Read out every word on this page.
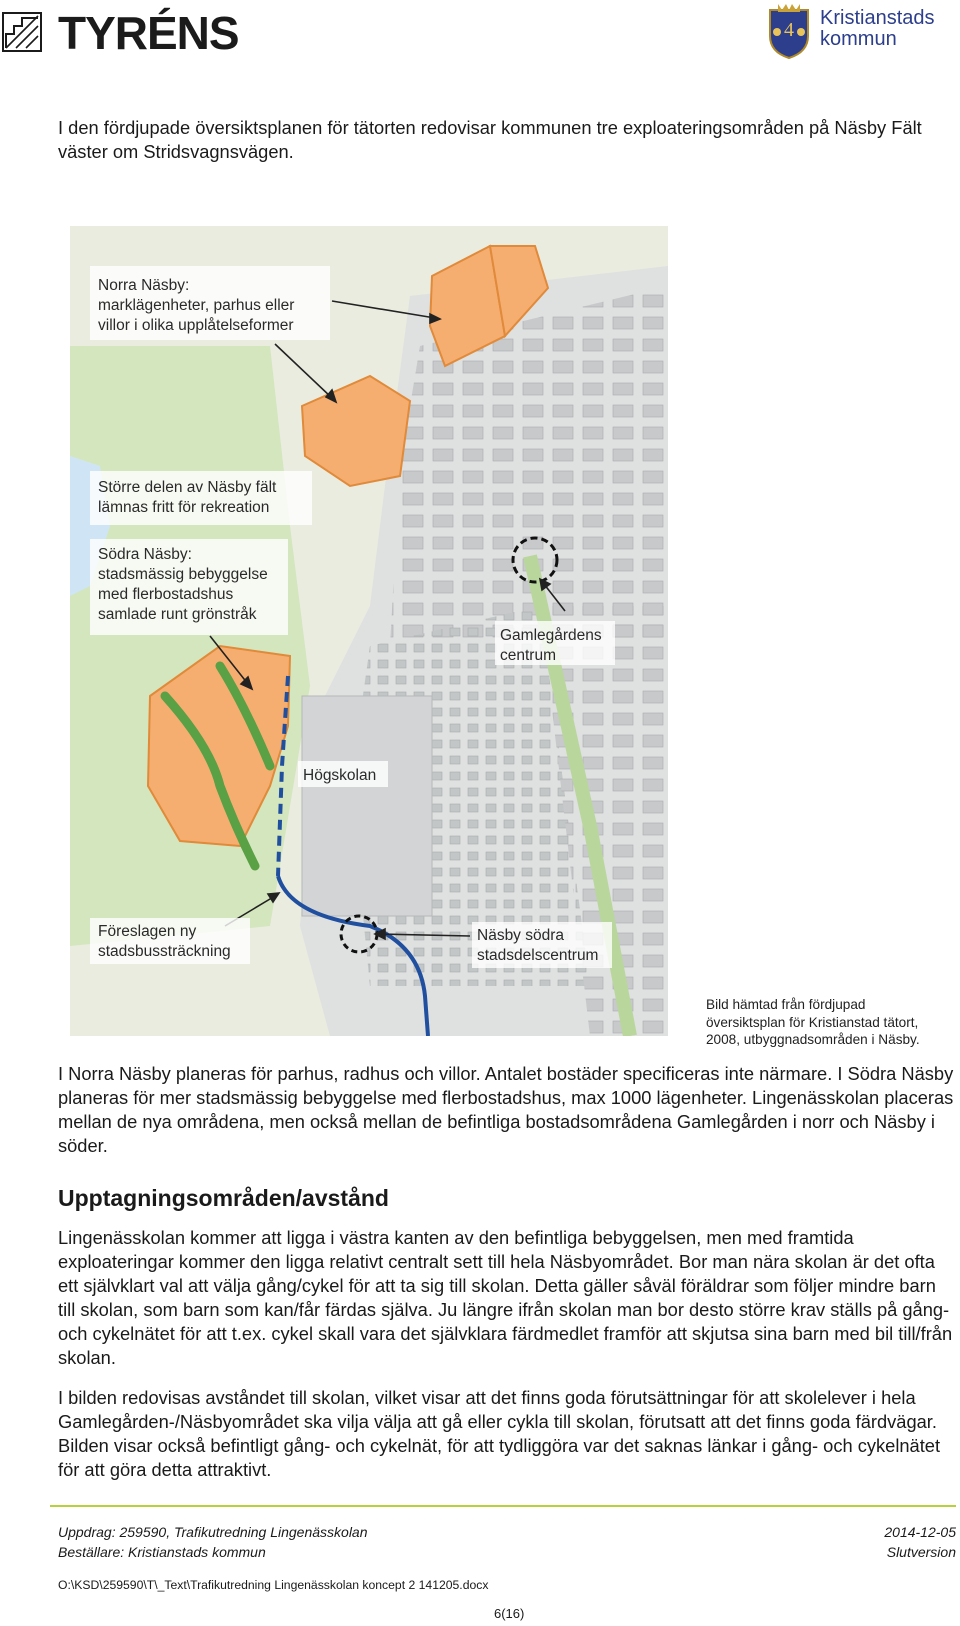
TYRÉNS	4
Kristianstads
kommun

I den fördjupade översiktsplanen för tätorten redovisar kommunen tre exploateringsområden på Näsby Fält väster om Stridsvagnsvägen.

Norra Näsby:
marklägenheter, parhus eller
villor i olika upplåtelseformer
Större delen av Näsby fält
lämnas fritt för rekreation
Södra Näsby:
stadsmässig bebyggelse
med flerbostadshus
samlade runt grönstråk
Gamlegårdens
centrum
Högskolan
Föreslagen ny
stadsbussträckning
Näsby södra
stadsdelscentrum
Bild hämtad från fördjupad
översiktsplan för Kristianstad tätort,
2008, utbyggnadsområden i Näsby.

I Norra Näsby planeras för parhus, radhus och villor. Antalet bostäder specificeras inte närmare. I Södra Näsby planeras för mer stadsmässig bebyggelse med flerbostadshus, max 1000 lägenheter. Lingenässkolan placeras mellan de nya områdena, men också mellan de befintliga bostadsområdena Gamlegården i norr och Näsby i söder.

Upptagningsområden/avstånd

Lingenässkolan kommer att ligga i västra kanten av den befintliga bebyggelsen, men med framtida exploateringar kommer den ligga relativt centralt sett till hela Näsbyområdet. Bor man nära skolan är det ofta ett självklart val att välja gång/cykel för att ta sig till skolan. Detta gäller såväl föräldrar som följer mindre barn till skolan, som barn som kan/får färdas själva. Ju längre ifrån skolan man bor desto större krav ställs på gång- och cykelnätet för att t.ex. cykel skall vara det självklara färdmedlet framför att skjutsa sina barn med bil till/från skolan.

I bilden redovisas avståndet till skolan, vilket visar att det finns goda förutsättningar för att skolelever i hela Gamlegården-/Näsbyområdet ska vilja välja att gå eller cykla till skolan, förutsatt att det finns goda färdvägar. Bilden visar också befintligt gång- och cykelnät, för att tydliggöra var det saknas länkar i gång- och cykelnätet för att göra detta attraktivt.

Uppdrag: 259590, Trafikutredning Lingenässkolan
Beställare: Kristianstads kommun
2014-12-05
Slutversion
O:\KSD\259590\T\_Text\Trafikutredning Lingenässkolan koncept 2 141205.docx
6(16)
